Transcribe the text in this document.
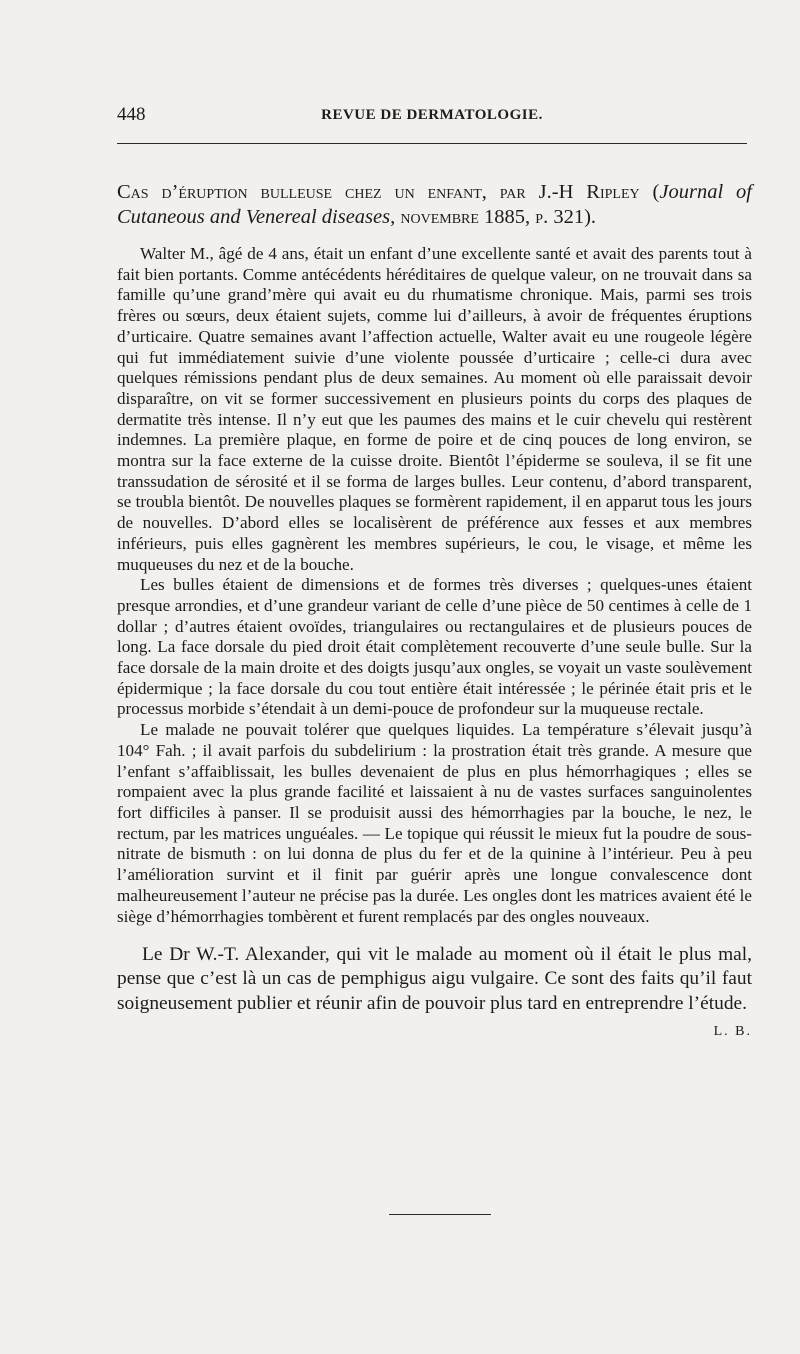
448	REVUE DE DERMATOLOGIE.

Cas d’éruption bulleuse chez un enfant, par J.-H Ripley (Journal of Cutaneous and Venereal diseases, novembre 1885, p. 321).

Walter M., âgé de 4 ans, était un enfant d’une excellente santé et avait des parents tout à fait bien portants. Comme antécédents héréditaires de quelque valeur, on ne trouvait dans sa famille qu’une grand’mère qui avait eu du rhumatisme chronique. Mais, parmi ses trois frères ou sœurs, deux étaient sujets, comme lui d’ailleurs, à avoir de fréquentes éruptions d’urticaire. Quatre semaines avant l’affection actuelle, Walter avait eu une rougeole légère qui fut immédiatement suivie d’une violente poussée d’urticaire ; celle-ci dura avec quelques rémissions pendant plus de deux semaines. Au moment où elle paraissait devoir disparaître, on vit se former successivement en plusieurs points du corps des plaques de dermatite très intense. Il n’y eut que les paumes des mains et le cuir chevelu qui restèrent indemnes. La première plaque, en forme de poire et de cinq pouces de long environ, se montra sur la face externe de la cuisse droite. Bientôt l’épiderme se souleva, il se fit une transsudation de sérosité et il se forma de larges bulles. Leur contenu, d’abord transparent, se troubla bientôt. De nouvelles plaques se formèrent rapidement, il en apparut tous les jours de nouvelles. D’abord elles se localisèrent de préférence aux fesses et aux membres inférieurs, puis elles gagnèrent les membres supérieurs, le cou, le visage, et même les muqueuses du nez et de la bouche.

Les bulles étaient de dimensions et de formes très diverses ; quelques-unes étaient presque arrondies, et d’une grandeur variant de celle d’une pièce de 50 centimes à celle de 1 dollar ; d’autres étaient ovoïdes, triangulaires ou rectangulaires et de plusieurs pouces de long. La face dorsale du pied droit était complètement recouverte d’une seule bulle. Sur la face dorsale de la main droite et des doigts jusqu’aux ongles, se voyait un vaste soulèvement épidermique ; la face dorsale du cou tout entière était intéressée ; le périnée était pris et le processus morbide s’étendait à un demi-pouce de profondeur sur la muqueuse rectale.

Le malade ne pouvait tolérer que quelques liquides. La température s’élevait jusqu’à 104° Fah. ; il avait parfois du subdelirium : la prostration était très grande. A mesure que l’enfant s’affaiblissait, les bulles devenaient de plus en plus hémorrhagiques ; elles se rompaient avec la plus grande facilité et laissaient à nu de vastes surfaces sanguinolentes fort difficiles à panser. Il se produisit aussi des hémorrhagies par la bouche, le nez, le rectum, par les matrices unguéales. — Le topique qui réussit le mieux fut la poudre de sous-nitrate de bismuth : on lui donna de plus du fer et de la quinine à l’intérieur. Peu à peu l’amélioration survint et il finit par guérir après une longue convalescence dont malheureusement l’auteur ne précise pas la durée. Les ongles dont les matrices avaient été le siège d’hémorrhagies tombèrent et furent remplacés par des ongles nouveaux.

Le Dr W.-T. Alexander, qui vit le malade au moment où il était le plus mal, pense que c’est là un cas de pemphigus aigu vulgaire. Ce sont des faits qu’il faut soigneusement publier et réunir afin de pouvoir plus tard en entreprendre l’étude.
L. B.
